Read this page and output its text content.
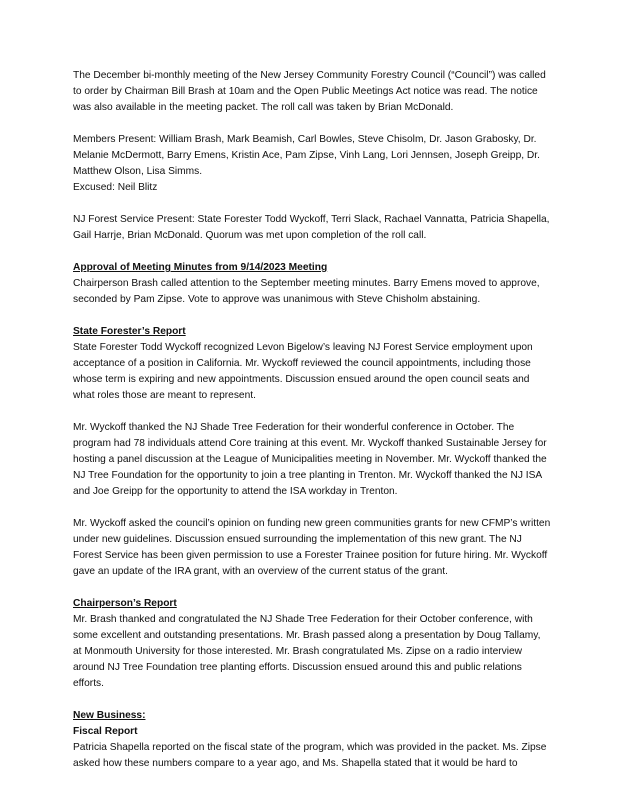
The December bi-monthly meeting of the New Jersey Community Forestry Council (“Council”) was called to order by Chairman Bill Brash at 10am and the Open Public Meetings Act notice was read. The notice was also available in the meeting packet. The roll call was taken by Brian McDonald.

Members Present: William Brash, Mark Beamish, Carl Bowles, Steve Chisolm, Dr. Jason Grabosky, Dr. Melanie McDermott, Barry Emens, Kristin Ace, Pam Zipse, Vinh Lang, Lori Jennsen, Joseph Greipp, Dr. Matthew Olson, Lisa Simms.

Excused: Neil Blitz

NJ Forest Service Present: State Forester Todd Wyckoff, Terri Slack, Rachael Vannatta, Patricia Shapella, Gail Harrje, Brian McDonald. Quorum was met upon completion of the roll call.

Approval of Meeting Minutes from 9/14/2023 Meeting

Chairperson Brash called attention to the September meeting minutes. Barry Emens moved to approve, seconded by Pam Zipse. Vote to approve was unanimous with Steve Chisholm abstaining.

State Forester’s Report

State Forester Todd Wyckoff recognized Levon Bigelow’s leaving NJ Forest Service employment upon acceptance of a position in California. Mr. Wyckoff reviewed the council appointments, including those whose term is expiring and new appointments. Discussion ensued around the open council seats and what roles those are meant to represent.

Mr. Wyckoff thanked the NJ Shade Tree Federation for their wonderful conference in October. The program had 78 individuals attend Core training at this event. Mr. Wyckoff thanked Sustainable Jersey for hosting a panel discussion at the League of Municipalities meeting in November. Mr. Wyckoff thanked the NJ Tree Foundation for the opportunity to join a tree planting in Trenton. Mr. Wyckoff thanked the NJ ISA and Joe Greipp for the opportunity to attend the ISA workday in Trenton.

Mr. Wyckoff asked the council’s opinion on funding new green communities grants for new CFMP’s written under new guidelines. Discussion ensued surrounding the implementation of this new grant. The NJ Forest Service has been given permission to use a Forester Trainee position for future hiring. Mr. Wyckoff gave an update of the IRA grant, with an overview of the current status of the grant.

Chairperson’s Report

Mr. Brash thanked and congratulated the NJ Shade Tree Federation for their October conference, with some excellent and outstanding presentations. Mr. Brash passed along a presentation by Doug Tallamy, at Monmouth University for those interested. Mr. Brash congratulated Ms. Zipse on a radio interview around NJ Tree Foundation tree planting efforts. Discussion ensued around this and public relations efforts.

New Business:

Fiscal Report

Patricia Shapella reported on the fiscal state of the program, which was provided in the packet. Ms. Zipse asked how these numbers compare to a year ago, and Ms. Shapella stated that it would be hard to
